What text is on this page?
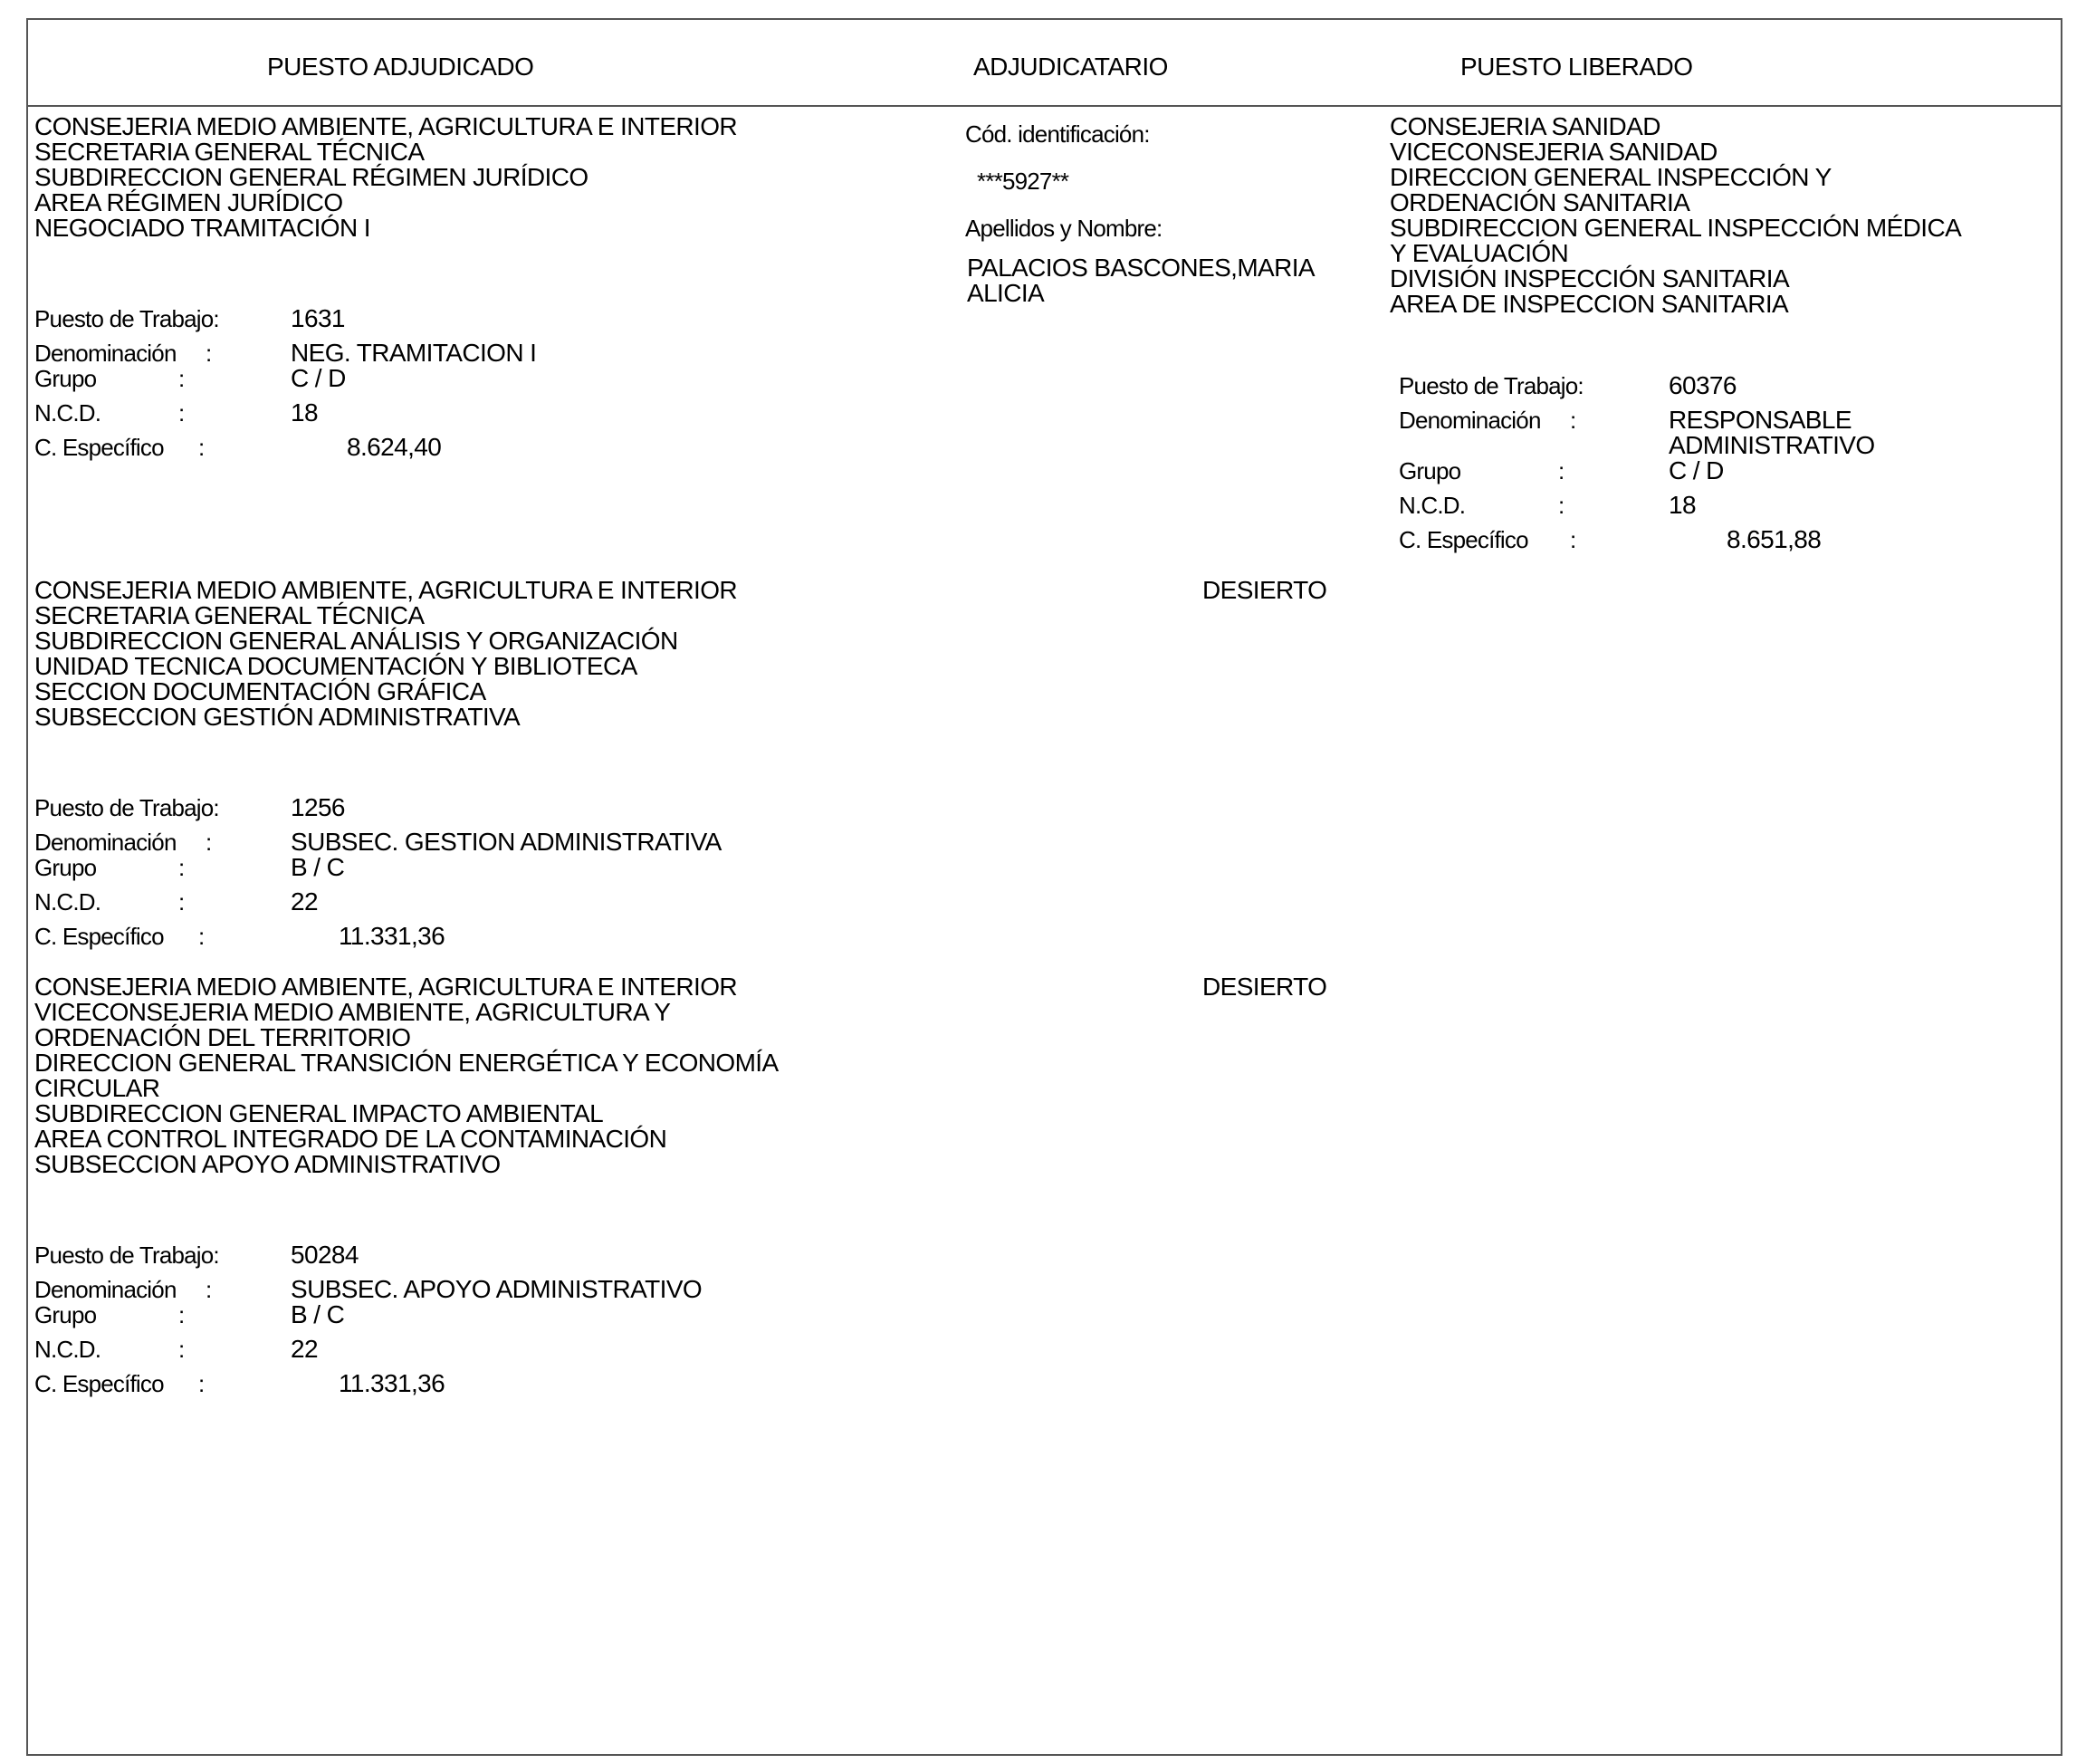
PUESTO ADJUDICADO	ADJUDICATARIO	PUESTO LIBERADO
CONSEJERIA MEDIO AMBIENTE, AGRICULTURA E INTERIOR
SECRETARIA GENERAL TÉCNICA
SUBDIRECCION GENERAL RÉGIMEN JURÍDICO
AREA RÉGIMEN JURÍDICO
NEGOCIADO TRAMITACIÓN I
Puesto de Trabajo:	1631
Denominación :	NEG. TRAMITACION I
Grupo	:	C / D
N.C.D.	:	18
C. Específico :	8.624,40
Cód. identificación:
***5927**
Apellidos y Nombre:
PALACIOS BASCONES,MARIA
ALICIA
CONSEJERIA SANIDAD
VICECONSEJERIA SANIDAD
DIRECCION GENERAL INSPECCIÓN Y
ORDENACIÓN SANITARIA
SUBDIRECCION GENERAL INSPECCIÓN MÉDICA
Y EVALUACIÓN
DIVISIÓN INSPECCIÓN SANITARIA
AREA DE INSPECCION SANITARIA
Puesto de Trabajo:	60376
Denominación :	RESPONSABLE
ADMINISTRATIVO
Grupo	:	C / D
N.C.D.	:	18
C. Específico :	8.651,88
CONSEJERIA MEDIO AMBIENTE, AGRICULTURA E INTERIOR
SECRETARIA GENERAL TÉCNICA
SUBDIRECCION GENERAL ANÁLISIS Y ORGANIZACIÓN
UNIDAD TECNICA DOCUMENTACIÓN Y BIBLIOTECA
SECCION DOCUMENTACIÓN GRÁFICA
SUBSECCION GESTIÓN ADMINISTRATIVA
DESIERTO
Puesto de Trabajo:	1256
Denominación :	SUBSEC. GESTION ADMINISTRATIVA
Grupo	:	B / C
N.C.D.	:	22
C. Específico :	11.331,36
CONSEJERIA MEDIO AMBIENTE, AGRICULTURA E INTERIOR
VICECONSEJERIA MEDIO AMBIENTE, AGRICULTURA Y
ORDENACIÓN DEL TERRITORIO
DIRECCION GENERAL TRANSICIÓN ENERGÉTICA Y ECONOMÍA
CIRCULAR
SUBDIRECCION GENERAL IMPACTO AMBIENTAL
AREA CONTROL INTEGRADO DE LA CONTAMINACIÓN
SUBSECCION APOYO ADMINISTRATIVO
DESIERTO
Puesto de Trabajo:	50284
Denominación :	SUBSEC. APOYO ADMINISTRATIVO
Grupo	:	B / C
N.C.D.	:	22
C. Específico :	11.331,36
